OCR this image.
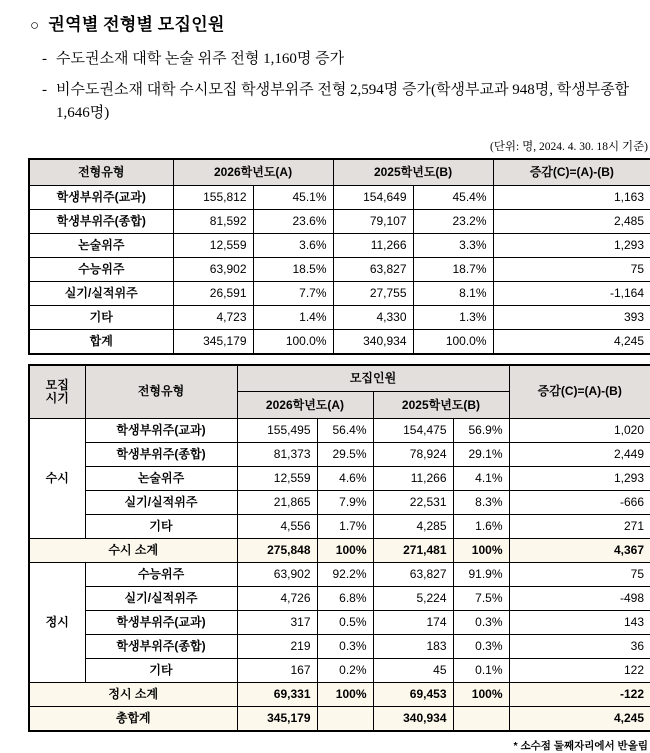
○ 권역별 전형별 모집인원
- 수도권소재 대학 논술 위주 전형 1,160명 증가
- 비수도권소재 대학 수시모집 학생부위주 전형 2,594명 증가(학생부교과 948명, 학생부종합 1,646명)
(단위: 명, 2024. 4. 30. 18시 기준)
전형유형	2026학년도(A)		2025학년도(B)		증감(C)=(A)-(B)
학생부위주(교과)	155,812	45.1%	154,649	45.4%	1,163
학생부위주(종합)	81,592	23.6%	79,107	23.2%	2,485
논술위주	12,559	3.6%	11,266	3.3%	1,293
수능위주	63,902	18.5%	63,827	18.7%	75
실기/실적위주	26,591	7.7%	27,755	8.1%	-1,164
기타	4,723	1.4%	4,330	1.3%	393
합계	345,179	100.0%	340,934	100.0%	4,245
모집
시기	전형유형	모집인원				증감(C)=(A)-(B)
		2026학년도(A)		2025학년도(B)		
수시	학생부위주(교과)	155,495	56.4%	154,475	56.9%	1,020
	학생부위주(종합)	81,373	29.5%	78,924	29.1%	2,449
	논술위주	12,559	4.6%	11,266	4.1%	1,293
	실기/실적위주	21,865	7.9%	22,531	8.3%	-666
	기타	4,556	1.7%	4,285	1.6%	271
수시 소계		275,848	100%	271,481	100%	4,367
정시	수능위주	63,902	92.2%	63,827	91.9%	75
	실기/실적위주	4,726	6.8%	5,224	7.5%	-498
	학생부위주(교과)	317	0.5%	174	0.3%	143
	학생부위주(종합)	219	0.3%	183	0.3%	36
	기타	167	0.2%	45	0.1%	122
정시 소계		69,331	100%	69,453	100%	-122
총합계		345,179		340,934		4,245
* 소수점 둘째자리에서 반올림
